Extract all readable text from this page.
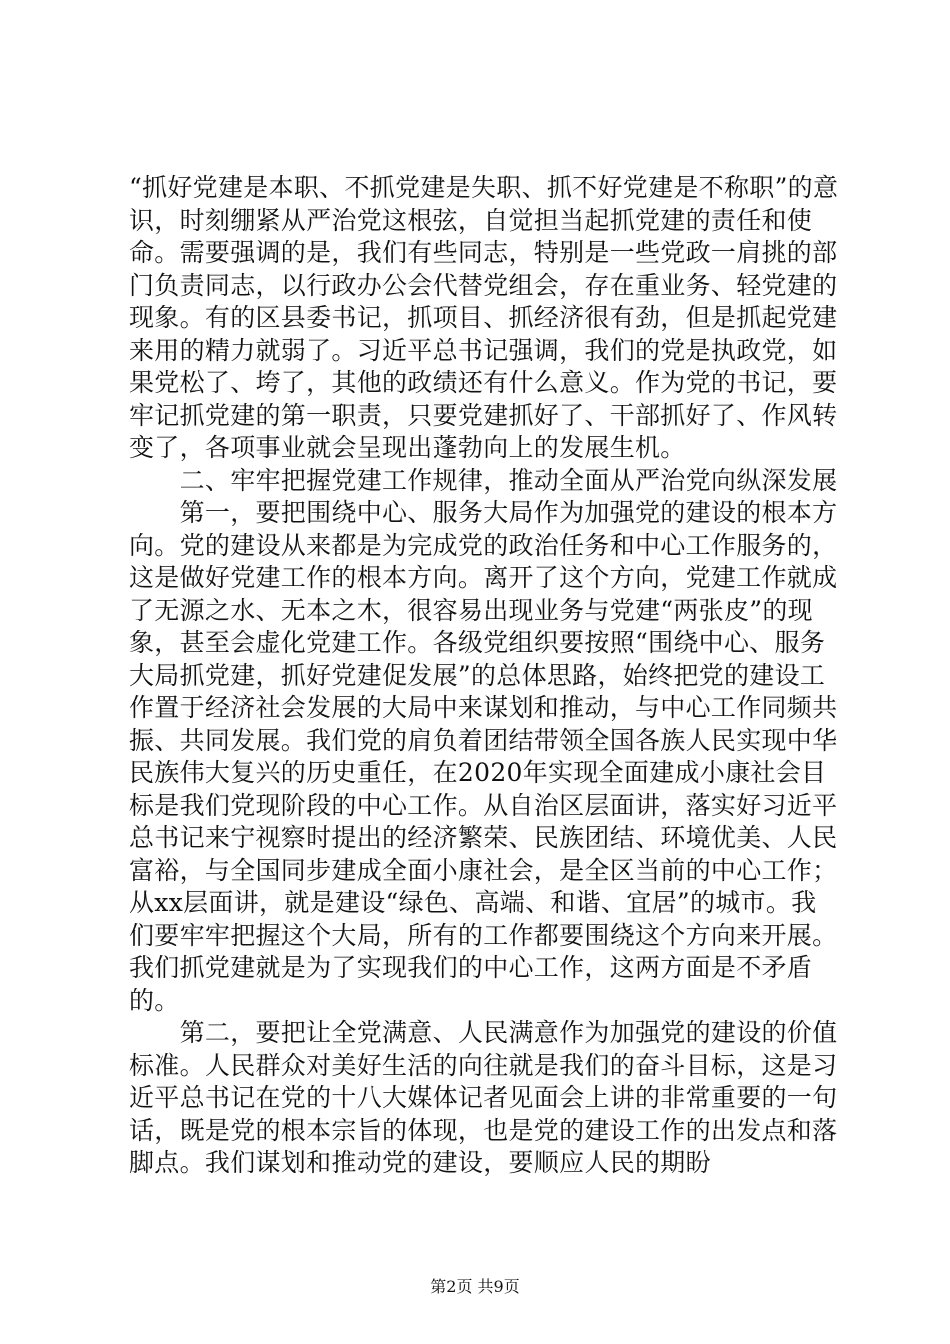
“抓好党建是本职、不抓党建是失职、抓不好党建是不称职”的意识，时刻绷紧从严治党这根弦，自觉担当起抓党建的责任和使命。需要强调的是，我们有些同志，特别是一些党政一肩挑的部门负责同志，以行政办公会代替党组会，存在重业务、轻党建的现象。有的区县委书记，抓项目、抓经济很有劲，但是抓起党建来用的精力就弱了。习近平总书记强调，我们的党是执政党，如果党松了、垮了，其他的政绩还有什么意义。作为党的书记，要牢记抓党建的第一职责，只要党建抓好了、干部抓好了、作风转变了，各项事业就会呈现出蓬勃向上的发展生机。

　　二、牢牢把握党建工作规律，推动全面从严治党向纵深发展

　　第一，要把围绕中心、服务大局作为加强党的建设的根本方向。党的建设从来都是为完成党的政治任务和中心工作服务的，这是做好党建工作的根本方向。离开了这个方向，党建工作就成了无源之水、无本之木，很容易出现业务与党建“两张皮”的现象，甚至会虚化党建工作。各级党组织要按照“围绕中心、服务大局抓党建，抓好党建促发展”的总体思路，始终把党的建设工作置于经济社会发展的大局中来谋划和推动，与中心工作同频共振、共同发展。我们党的肩负着团结带领全国各族人民实现中华民族伟大复兴的历史重任，在2020年实现全面建成小康社会目标是我们党现阶段的中心工作。从自治区层面讲，落实好习近平总书记来宁视察时提出的经济繁荣、民族团结、环境优美、人民富裕，与全国同步建成全面小康社会，是全区当前的中心工作；从xx层面讲，就是建设“绿色、高端、和谐、宜居”的城市。我们要牢牢把握这个大局，所有的工作都要围绕这个方向来开展。我们抓党建就是为了实现我们的中心工作，这两方面是不矛盾的。

　　第二，要把让全党满意、人民满意作为加强党的建设的价值标准。人民群众对美好生活的向往就是我们的奋斗目标，这是习近平总书记在党的十八大媒体记者见面会上讲的非常重要的一句话，既是党的根本宗旨的体现，也是党的建设工作的出发点和落脚点。我们谋划和推动党的建设，要顺应人民的期盼

第2页 共9页
